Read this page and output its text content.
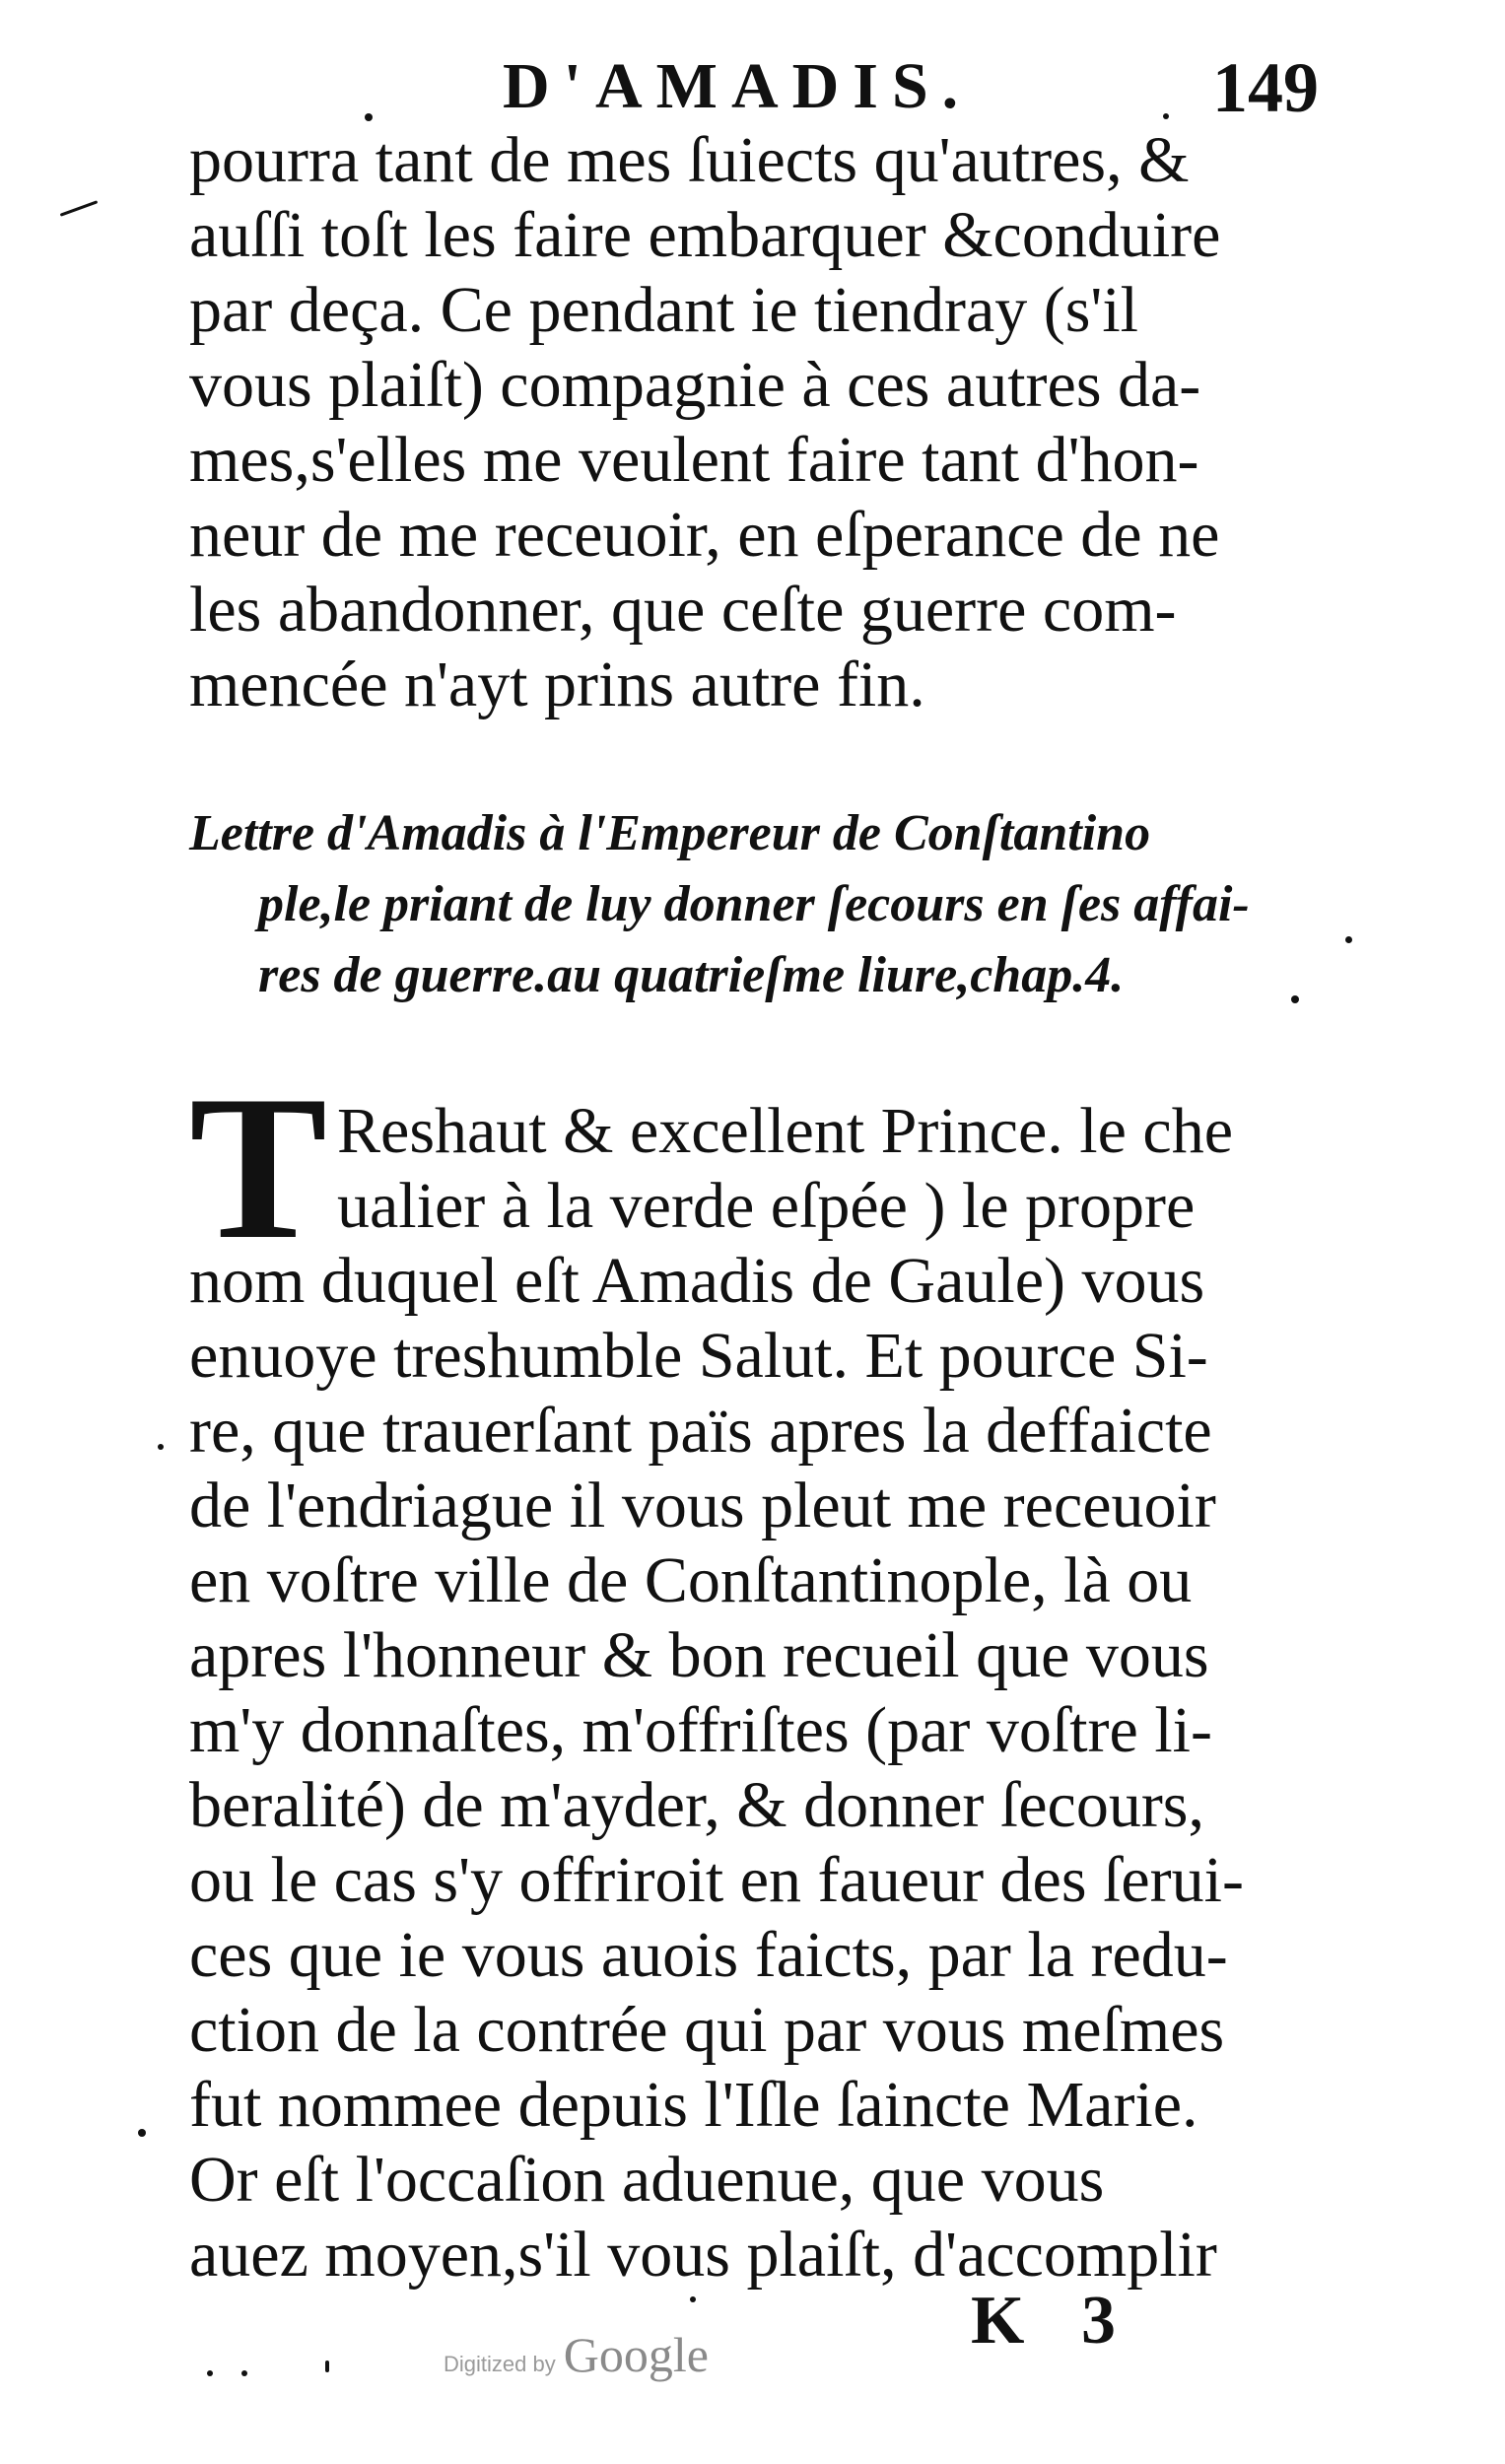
D'AMADIS.	149
pourra tant de mes ſuiects qu'autres, &
auſſi toſt les faire embarquer &conduire
par deça. Ce pendant ie tiendray (s'il
vous plaiſt) compagnie à ces autres da-
mes,s'elles me veulent faire tant d'hon-
neur de me receuoir, en eſperance de ne
les abandonner, que ceſte guerre com-
mencée n'ayt prins autre fin.
Lettre d'Amadis à l'Empereur de Conſtantino
ple,le priant de luy donner ſecours en ſes affai-
res de guerre.au quatrieſme liure,chap.4.
T Reshaut & excellent Prince. le che
ualier à la verde eſpée ) le propre
nom duquel eſt Amadis de Gaule) vous
enuoye treshumble Salut. Et pource Si-
re, que trauerſant païs apres la deffaicte
de l'endriague il vous pleut me receuoir
en voſtre ville de Conſtantinople, là ou
apres l'honneur & bon recueil que vous
m'y donnaſtes, m'offriſtes (par voſtre li-
beralité) de m'ayder, & donner ſecours,
ou le cas s'y offriroit en faueur des ſerui-
ces que ie vous auois faicts, par la redu-
ction de la contrée qui par vous meſmes
fut nommee depuis l'Iſle ſaincte Marie.
Or eſt l'occaſion aduenue, que vous
auez moyen,s'il vous plaiſt, d'accomplir
K 3
Digitized by Google
